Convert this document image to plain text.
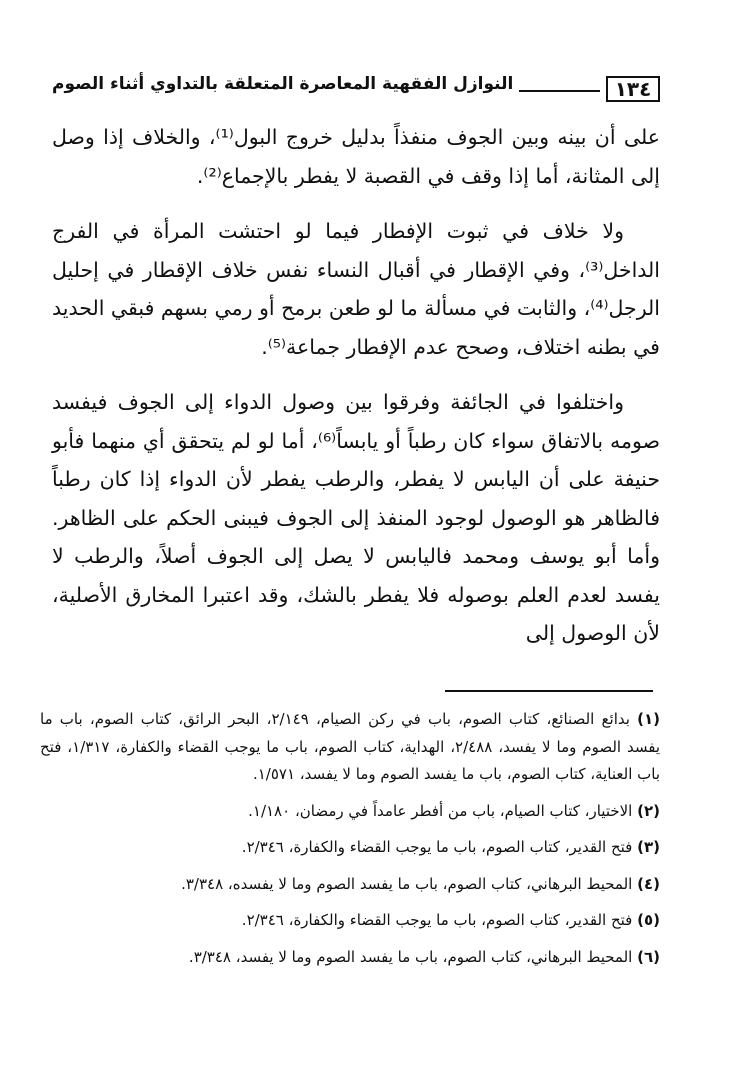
١٣٤
النوازل الفقهية المعاصرة المتعلقة بالتداوي أثناء الصوم

على أن بينه وبين الجوف منفذاً بدليل خروج البول⁽¹⁾، والخلاف إذا وصل إلى المثانة، أما إذا وقف في القصبة لا يفطر بالإجماع⁽²⁾.

ولا خلاف في ثبوت الإفطار فيما لو احتشت المرأة في الفرج الداخل⁽³⁾، وفي الإقطار في أقبال النساء نفس خلاف الإقطار في إحليل الرجل⁽⁴⁾، والثابت في مسألة ما لو طعن برمح أو رمي بسهم فبقي الحديد في بطنه اختلاف، وصحح عدم الإفطار جماعة⁽⁵⁾.

واختلفوا في الجائفة وفرقوا بين وصول الدواء إلى الجوف فيفسد صومه بالاتفاق سواء كان رطباً أو يابساً⁽⁶⁾، أما لو لم يتحقق أي منهما فأبو حنيفة على أن اليابس لا يفطر، والرطب يفطر لأن الدواء إذا كان رطباً فالظاهر هو الوصول لوجود المنفذ إلى الجوف فيبنى الحكم على الظاهر. وأما أبو يوسف ومحمد فاليابس لا يصل إلى الجوف أصلاً، والرطب لا يفسد لعدم العلم بوصوله فلا يفطر بالشك، وقد اعتبرا المخارق الأصلية، لأن الوصول إلى

(١) بدائع الصنائع، كتاب الصوم، باب في ركن الصيام، ٢/١٤٩، البحر الرائق، كتاب الصوم، باب ما يفسد الصوم وما لا يفسد، ٢/٤٨٨، الهداية، كتاب الصوم، باب ما يوجب القضاء والكفارة، ١/٣١٧، فتح باب العناية، كتاب الصوم، باب ما يفسد الصوم وما لا يفسد، ١/٥٧١.

(٢) الاختيار، كتاب الصيام، باب من أفطر عامداً في رمضان، ١/١٨٠.

(٣) فتح القدير، كتاب الصوم، باب ما يوجب القضاء والكفارة، ٢/٣٤٦.

(٤) المحيط البرهاني، كتاب الصوم، باب ما يفسد الصوم وما لا يفسده، ٣/٣٤٨.

(٥) فتح القدير، كتاب الصوم، باب ما يوجب القضاء والكفارة، ٢/٣٤٦.

(٦) المحيط البرهاني، كتاب الصوم، باب ما يفسد الصوم وما لا يفسد، ٣/٣٤٨.
